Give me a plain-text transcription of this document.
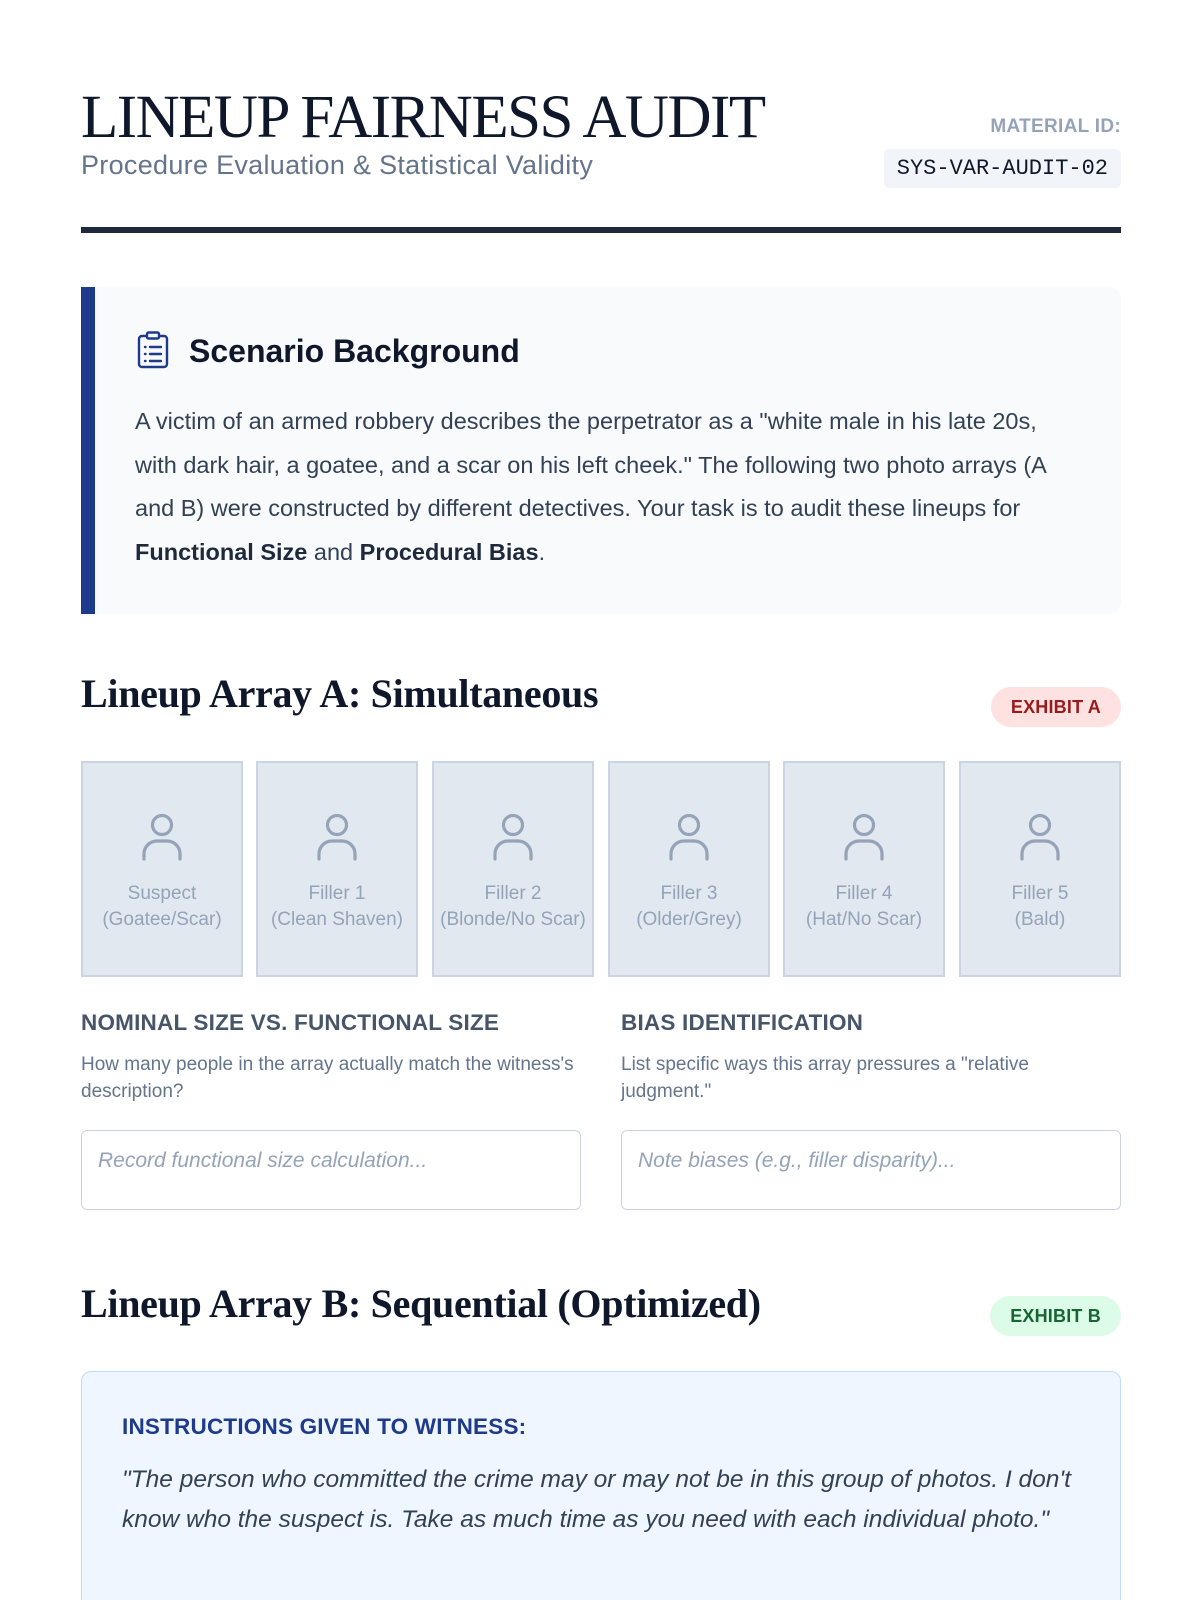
LINEUP FAIRNESS AUDIT
Procedure Evaluation & Statistical Validity
MATERIAL ID:
SYS-VAR-AUDIT-02
Scenario Background

A victim of an armed robbery describes the perpetrator as a "white male in his late 20s, with dark hair, a goatee, and a scar on his left cheek." The following two photo arrays (A and B) were constructed by different detectives. Your task is to audit these lineups for Functional Size and Procedural Bias.

Lineup Array A: Simultaneous	EXHIBIT A
Suspect
(Goatee/Scar)
Filler 1
(Clean Shaven)
Filler 2
(Blonde/No Scar)
Filler 3
(Older/Grey)
Filler 4
(Hat/No Scar)
Filler 5
(Bald)
NOMINAL SIZE VS. FUNCTIONAL SIZE
How many people in the array actually match the witness's description?
Record functional size calculation...
BIAS IDENTIFICATION
List specific ways this array pressures a "relative judgment."
Note biases (e.g., filler disparity)...
Lineup Array B: Sequential (Optimized)	EXHIBIT B
INSTRUCTIONS GIVEN TO WITNESS:
"The person who committed the crime may or may not be in this group of photos. I don't know who the suspect is. Take as much time as you need with each individual photo."
